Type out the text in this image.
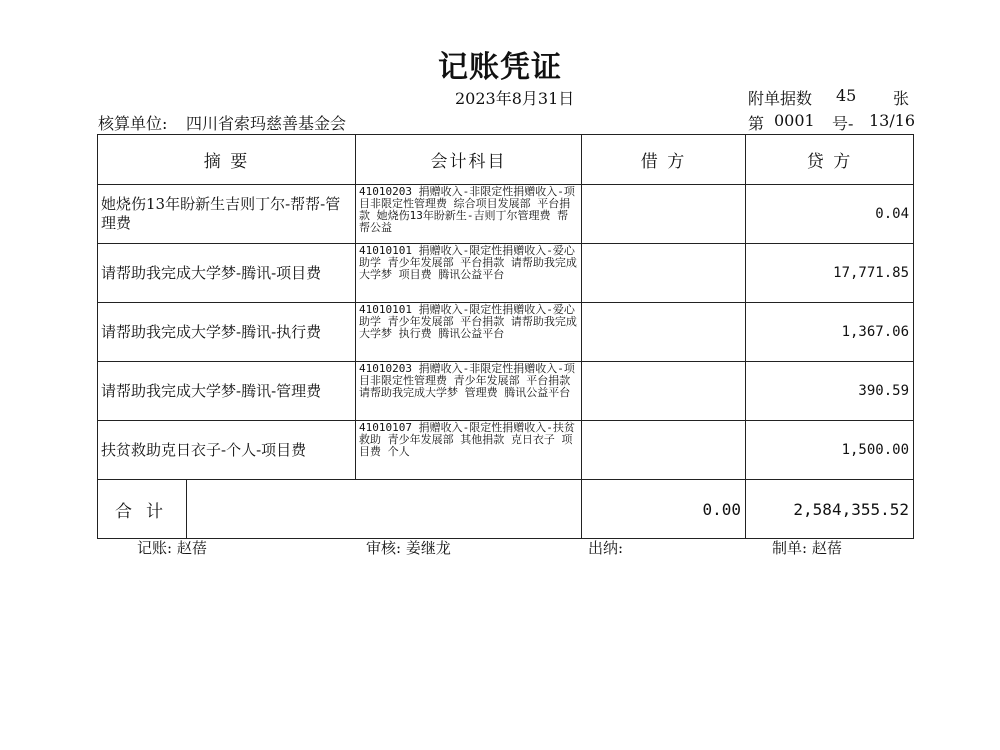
记账凭证
2023年8月31日	附单据数 45 张
核算单位: 四川省索玛慈善基金会	第 0001 号- 13/16
摘 要	会计科目	借 方	贷 方
她烧伤13年盼新生吉则丁尔-帮帮-管理费	41010203 捐赠收入-非限定性捐赠收入-项目非限定性管理费 综合项目发展部 平台捐款 她烧伤13年盼新生-吉则丁尔管理费 帮帮公益		0.04
请帮助我完成大学梦-腾讯-项目费	41010101 捐赠收入-限定性捐赠收入-爱心助学 青少年发展部 平台捐款 请帮助我完成大学梦 项目费 腾讯公益平台		17,771.85
请帮助我完成大学梦-腾讯-执行费	41010101 捐赠收入-限定性捐赠收入-爱心助学 青少年发展部 平台捐款 请帮助我完成大学梦 执行费 腾讯公益平台		1,367.06
请帮助我完成大学梦-腾讯-管理费	41010203 捐赠收入-非限定性捐赠收入-项目非限定性管理费 青少年发展部 平台捐款 请帮助我完成大学梦 管理费 腾讯公益平台		390.59
扶贫救助克日衣子-个人-项目费	41010107 捐赠收入-限定性捐赠收入-扶贫救助 青少年发展部 其他捐款 克日衣子 项目费 个人		1,500.00

合计		0.00	2,584,355.52
记账: 赵蓓	审核: 姜继龙	出纳:	制单: 赵蓓
